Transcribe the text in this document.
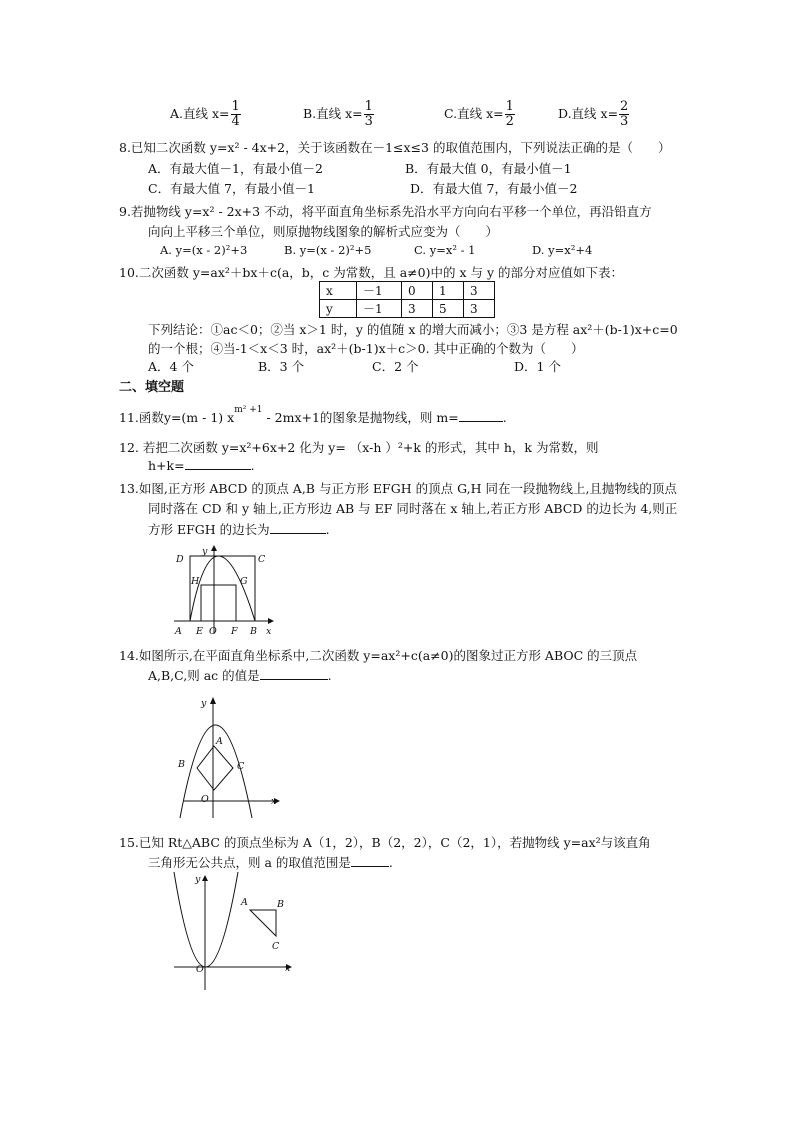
A.直线 $x= \frac{1}{4}$	B.直线 $x= \frac{1}{3}$	C.直线 $x= \frac{1}{2}$	D.直线 $x= \frac{2}{3}$
8.已知二次函数 y=x² - 4x+2，关于该函数在－1≤x≤3 的取值范围内，下列说法正确的是（　　）
A．有最大值－1，有最小值－2	B．有最大值 0，有最小值－1
C．有最大值 7，有最小值－1	D．有最大值 7，有最小值－2
9.若抛物线 y=x² - 2x+3 不动，将平面直角坐标系先沿水平方向向右平移一个单位，再沿铅直方
向向上平移三个单位，则原抛物线图象的解析式应变为（　　）
A. y=(x - 2)²+3	B. y=(x - 2)²+5	C. y=x² - 1	D. y=x²+4
10.二次函数 y=ax²＋bx＋c(a，b，c 为常数，且 a≠0)中的 x 与 y 的部分对应值如下表：
x	－1	0	1	3
y	－1	3	5	3
下列结论：①ac＜0；②当 x＞1 时，y 的值随 x 的增大而减小；③3 是方程 ax²＋(b-1)x+c=0
的一个根；④当-1＜x＜3 时，ax²＋(b-1)x＋c＞0. 其中正确的个数为（　　）
A．4 个	B．3 个	C．2 个	D．1 个
二、填空题
11.函数y=(m - 1) $x^{m^2 +1} - 2mx+1$的图象是抛物线，则 m=	.
12. 若把二次函数 y=x²+6x+2 化为 y= （x-h ）²+k 的形式，其中 h，k 为常数，则
h+k=	.
13.如图,正方形 ABCD 的顶点 A,B 与正方形 EFGH 的顶点 G,H 同在一段抛物线上,且抛物线的顶点
同时落在 CD 和 y 轴上,正方形边 AB 与 EF 同时落在 x 轴上,若正方形 ABCD 的边长为 4,则正
方形 EFGH 的边长为	.
D
y
C
H	G
A E O F B x
14.如图所示,在平面直角坐标系中,二次函数 y=ax²+c(a≠0)的图象过正方形 ABOC 的三顶点
A,B,C,则 ac 的值是	.
y
A
B	C
O	x
15.已知 Rt△ABC 的顶点坐标为 A（1，2），B（2，2），C（2，1），若抛物线 y=ax²与该直角
三角形无公共点，则 a 的取值范围是	.
y
A	B
C
O	x
